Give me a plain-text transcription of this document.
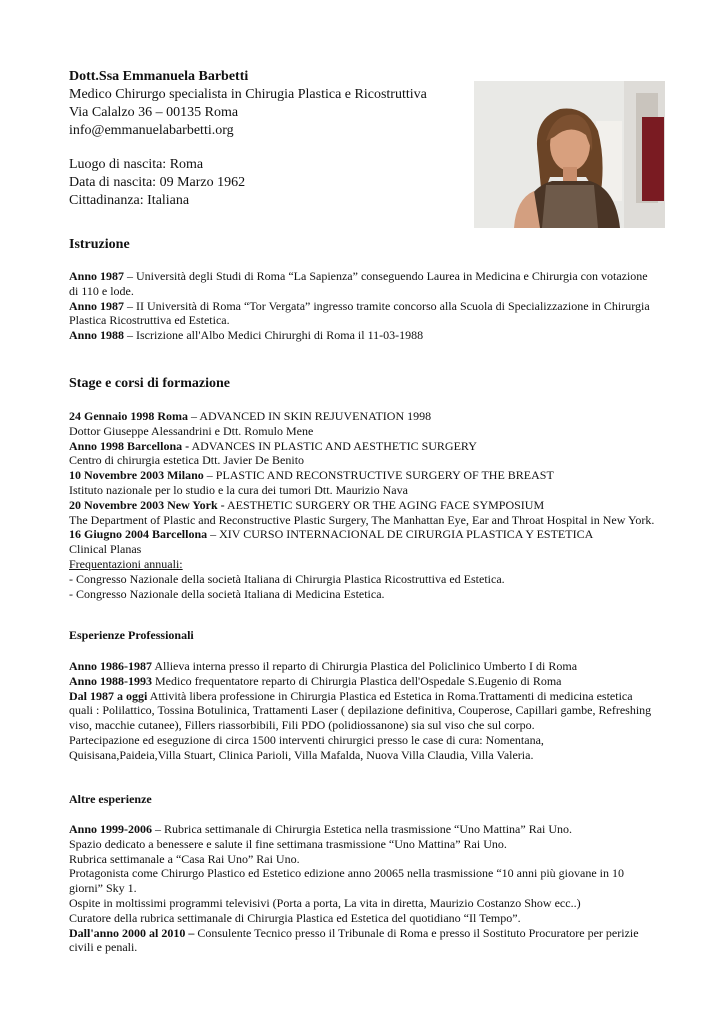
Dott.Ssa Emmanuela Barbetti
Medico Chirurgo specialista in Chirugia Plastica e Ricostruttiva
Via Calalzo 36 – 00135 Roma
info@emmanuelabarbetti.org
Luogo di nascita: Roma
Data di nascita: 09 Marzo 1962
Cittadinanza: Italiana
Istruzione

Anno 1987 – Università degli Studi di Roma “La Sapienza” conseguendo Laurea in Medicina e Chirurgia con votazione di 110 e lode.

Anno 1987 – II Università di Roma “Tor Vergata” ingresso tramite concorso alla Scuola di Specializzazione in Chirurgia Plastica Ricostruttiva ed Estetica.

Anno 1988 – Iscrizione all'Albo Medici Chirurghi di Roma il 11-03-1988

Stage e corsi di formazione

24 Gennaio 1998 Roma – ADVANCED IN SKIN REJUVENATION 1998

Dottor Giuseppe Alessandrini e Dtt. Romulo Mene

Anno 1998 Barcellona - ADVANCES IN PLASTIC AND AESTHETIC SURGERY

Centro di chirurgia estetica Dtt. Javier De Benito

10 Novembre 2003 Milano – PLASTIC AND RECONSTRUCTIVE SURGERY OF THE BREAST

Istituto nazionale per lo studio e la cura dei tumori Dtt. Maurizio Nava

20 Novembre 2003 New York - AESTHETIC SURGERY OR THE AGING FACE SYMPOSIUM

The Department of Plastic and Reconstructive Plastic Surgery, The Manhattan Eye, Ear and Throat Hospital in New York.

16 Giugno 2004 Barcellona – XIV CURSO INTERNACIONAL DE CIRURGIA PLASTICA Y ESTETICA

Clinical Planas

Frequentazioni annuali:

- Congresso Nazionale della società Italiana di Chirurgia Plastica Ricostruttiva ed Estetica.

- Congresso Nazionale della società Italiana di Medicina Estetica.

Esperienze Professionali

Anno 1986-1987 Allieva interna presso il reparto di Chirurgia Plastica del Policlinico Umberto I di Roma

Anno 1988-1993 Medico frequentatore reparto di Chirurgia Plastica dell'Ospedale S.Eugenio di Roma

Dal 1987 a oggi Attività libera professione in Chirurgia Plastica ed Estetica in Roma.Trattamenti di medicina estetica quali : Polilattico, Tossina Botulinica, Trattamenti Laser ( depilazione definitiva, Couperose, Capillari gambe, Refreshing viso, macchie cutanee), Fillers riassorbibili, Fili PDO (polidiossanone) sia sul viso che sul corpo.

Partecipazione ed eseguzione di circa 1500 interventi chirurgici presso le case di cura: Nomentana, Quisisana,Paideia,Villa Stuart, Clinica Parioli, Villa Mafalda, Nuova Villa Claudia, Villa Valeria.

Altre esperienze

Anno 1999-2006 – Rubrica settimanale di Chirurgia Estetica nella trasmissione “Uno Mattina” Rai Uno.

Spazio dedicato a benessere e salute il fine settimana trasmissione “Uno Mattina” Rai Uno.

Rubrica settimanale a “Casa Rai Uno” Rai Uno.

Protagonista come Chirurgo Plastico ed Estetico edizione anno 20065 nella trasmissione “10 anni più giovane in 10 giorni” Sky 1.

Ospite in moltissimi programmi televisivi (Porta a porta, La vita in diretta, Maurizio Costanzo Show ecc..)

Curatore della rubrica settimanale di Chirurgia Plastica ed Estetica del quotidiano “Il Tempo”.

Dall'anno 2000 al 2010 – Consulente Tecnico presso il Tribunale di Roma e presso il Sostituto Procuratore per perizie civili e penali.
